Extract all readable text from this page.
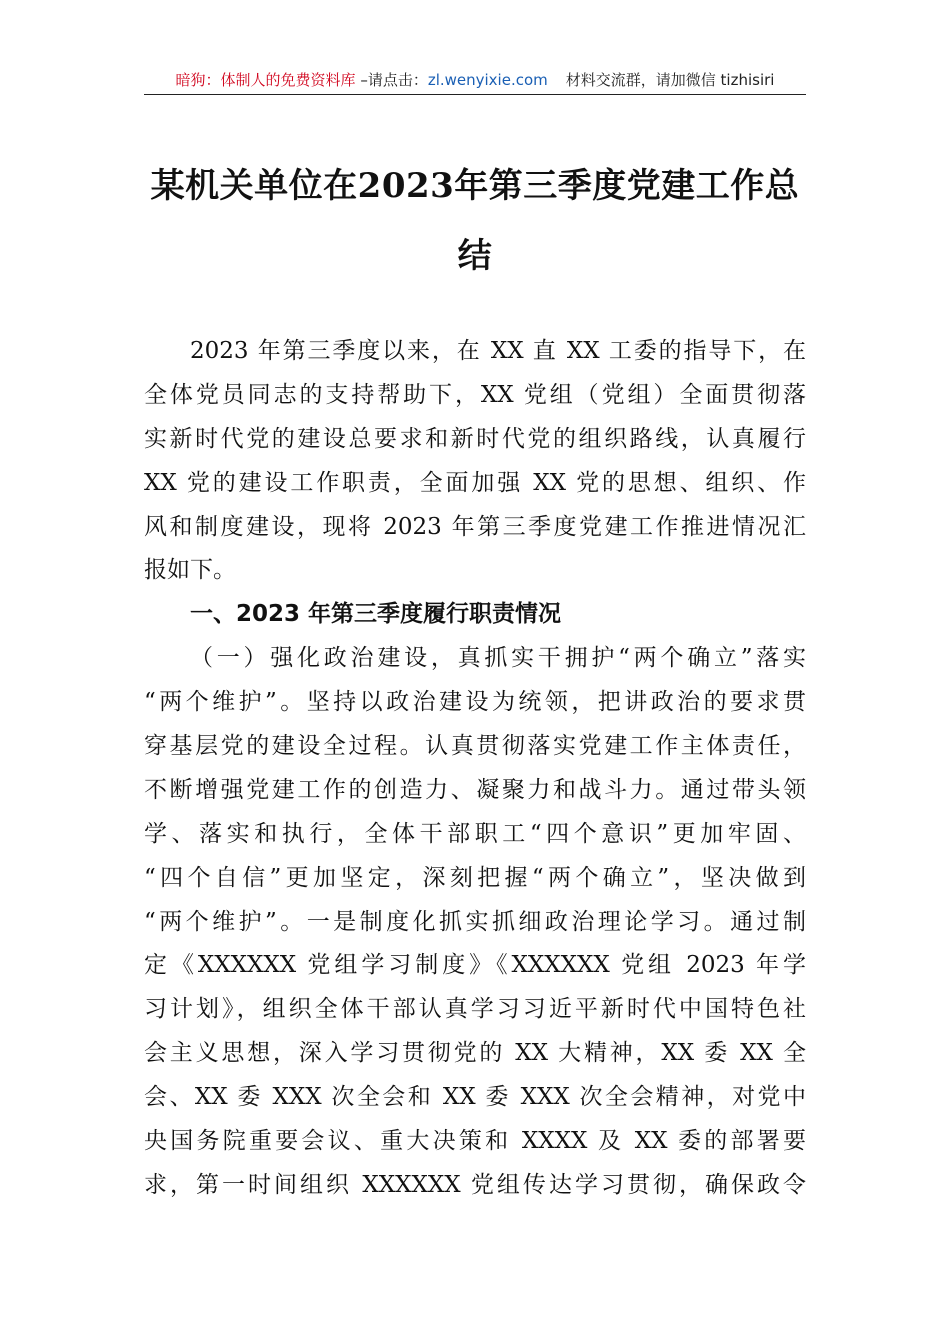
暗狗：体制人的免费资料库 –请点击：zl.wenyixie.com 材料交流群，请加微信 tizhisiri
某机关单位在2023年第三季度党建工作总
结
2023 年第三季度以来，在 XX 直 XX 工委的指导下，在
全体党员同志的支持帮助下，XX 党组（党组）全面贯彻落
实新时代党的建设总要求和新时代党的组织路线，认真履行
XX 党的建设工作职责，全面加强 XX 党的思想、组织、作
风和制度建设，现将 2023 年第三季度党建工作推进情况汇
报如下。
一、2023 年第三季度履行职责情况
（一）强化政治建设，真抓实干拥护“两个确立”落实
“两个维护”。坚持以政治建设为统领，把讲政治的要求贯
穿基层党的建设全过程。认真贯彻落实党建工作主体责任，
不断增强党建工作的创造力、凝聚力和战斗力。通过带头领
学、落实和执行，全体干部职工“四个意识”更加牢固、
“四个自信”更加坚定，深刻把握“两个确立”，坚决做到
“两个维护”。一是制度化抓实抓细政治理论学习。通过制
定《XXXXXX 党组学习制度》《XXXXXX 党组 2023 年学
习计划》，组织全体干部认真学习习近平新时代中国特色社
会主义思想，深入学习贯彻党的 XX 大精神，XX 委 XX 全
会、XX 委 XXX 次全会和 XX 委 XXX 次全会精神，对党中
央国务院重要会议、重大决策和 XXXX 及 XX 委的部署要
求，第一时间组织 XXXXXX 党组传达学习贯彻，确保政令
